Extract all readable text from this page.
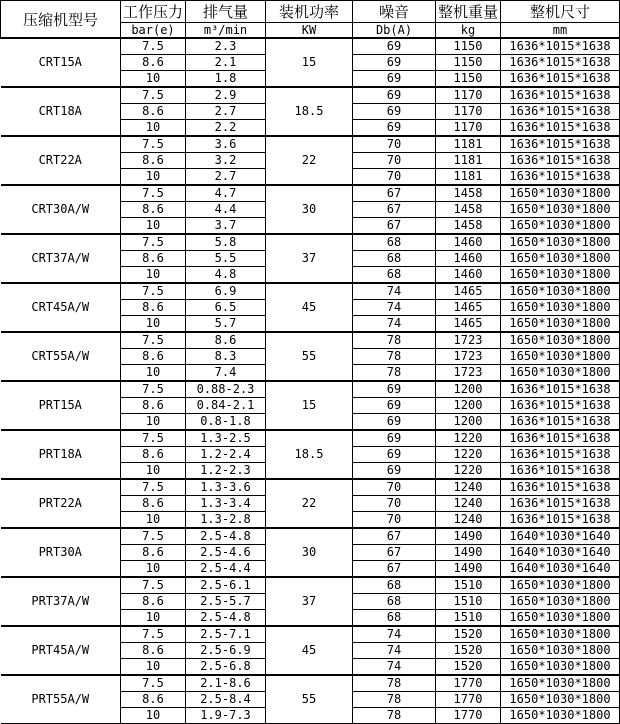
压缩机型号	工作压力	排气量	装机功率	噪音	整机重量	整机尺寸
	bar(e)	m³/min	KW	Db(A)	kg	mm
CRT15A	7.5	2.3	15	69	1150	1636*1015*1638
	8.6	2.1		69	1150	1636*1015*1638
	10	1.8		69	1150	1636*1015*1638
CRT18A	7.5	2.9	18.5	69	1170	1636*1015*1638
	8.6	2.7		69	1170	1636*1015*1638
	10	2.2		69	1170	1636*1015*1638
CRT22A	7.5	3.6	22	70	1181	1636*1015*1638
	8.6	3.2		70	1181	1636*1015*1638
	10	2.7		70	1181	1636*1015*1638
CRT30A/W	7.5	4.7	30	67	1458	1650*1030*1800
	8.6	4.4		67	1458	1650*1030*1800
	10	3.7		67	1458	1650*1030*1800
CRT37A/W	7.5	5.8	37	68	1460	1650*1030*1800
	8.6	5.5		68	1460	1650*1030*1800
	10	4.8		68	1460	1650*1030*1800
CRT45A/W	7.5	6.9	45	74	1465	1650*1030*1800
	8.6	6.5		74	1465	1650*1030*1800
	10	5.7		74	1465	1650*1030*1800
CRT55A/W	7.5	8.6	55	78	1723	1650*1030*1800
	8.6	8.3		78	1723	1650*1030*1800
	10	7.4		78	1723	1650*1030*1800
PRT15A	7.5	0.88-2.3	15	69	1200	1636*1015*1638
	8.6	0.84-2.1		69	1200	1636*1015*1638
	10	0.8-1.8		69	1200	1636*1015*1638
PRT18A	7.5	1.3-2.5	18.5	69	1220	1636*1015*1638
	8.6	1.2-2.4		69	1220	1636*1015*1638
	10	1.2-2.3		69	1220	1636*1015*1638
PRT22A	7.5	1.3-3.6	22	70	1240	1636*1015*1638
	8.6	1.3-3.4		70	1240	1636*1015*1638
	10	1.3-2.8		70	1240	1636*1015*1638
PRT30A	7.5	2.5-4.8	30	67	1490	1640*1030*1640
	8.6	2.5-4.6		67	1490	1640*1030*1640
	10	2.5-4.4		67	1490	1640*1030*1640
PRT37A/W	7.5	2.5-6.1	37	68	1510	1650*1030*1800
	8.6	2.5-5.7		68	1510	1650*1030*1800
	10	2.5-4.8		68	1510	1650*1030*1800
PRT45A/W	7.5	2.5-7.1	45	74	1520	1650*1030*1800
	8.6	2.5-6.9		74	1520	1650*1030*1800
	10	2.5-6.8		74	1520	1650*1030*1800
PRT55A/W	7.5	2.1-8.6	55	78	1770	1650*1030*1800
	8.6	2.5-8.4		78	1770	1650*1030*1800
	10	1.9-7.3		78	1770	1650*1030*1800
